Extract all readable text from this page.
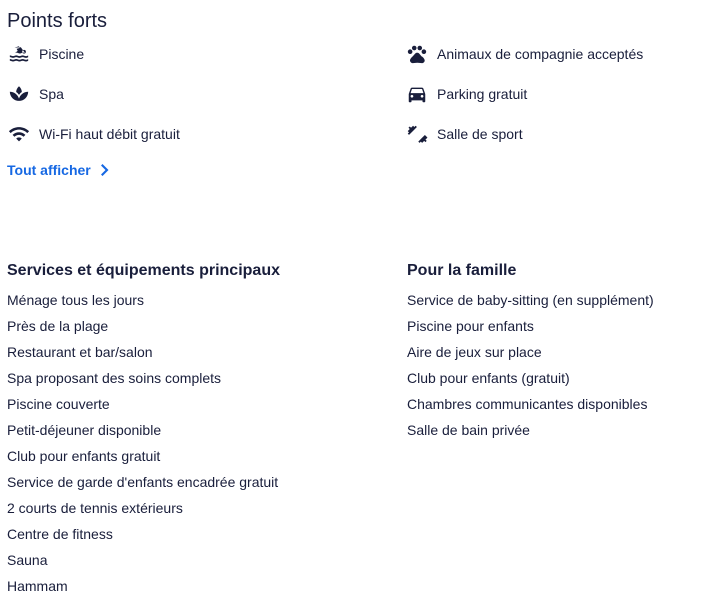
Points forts
Piscine
Spa
Wi-Fi haut débit gratuit
Animaux de compagnie acceptés
Parking gratuit
Salle de sport
Tout afficher
Services et équipements principaux
Ménage tous les jours
Près de la plage
Restaurant et bar/salon
Spa proposant des soins complets
Piscine couverte
Petit-déjeuner disponible
Club pour enfants gratuit
Service de garde d'enfants encadrée gratuit
2 courts de tennis extérieurs
Centre de fitness
Sauna
Hammam
Pour la famille
Service de baby-sitting (en supplément)
Piscine pour enfants
Aire de jeux sur place
Club pour enfants (gratuit)
Chambres communicantes disponibles
Salle de bain privée
